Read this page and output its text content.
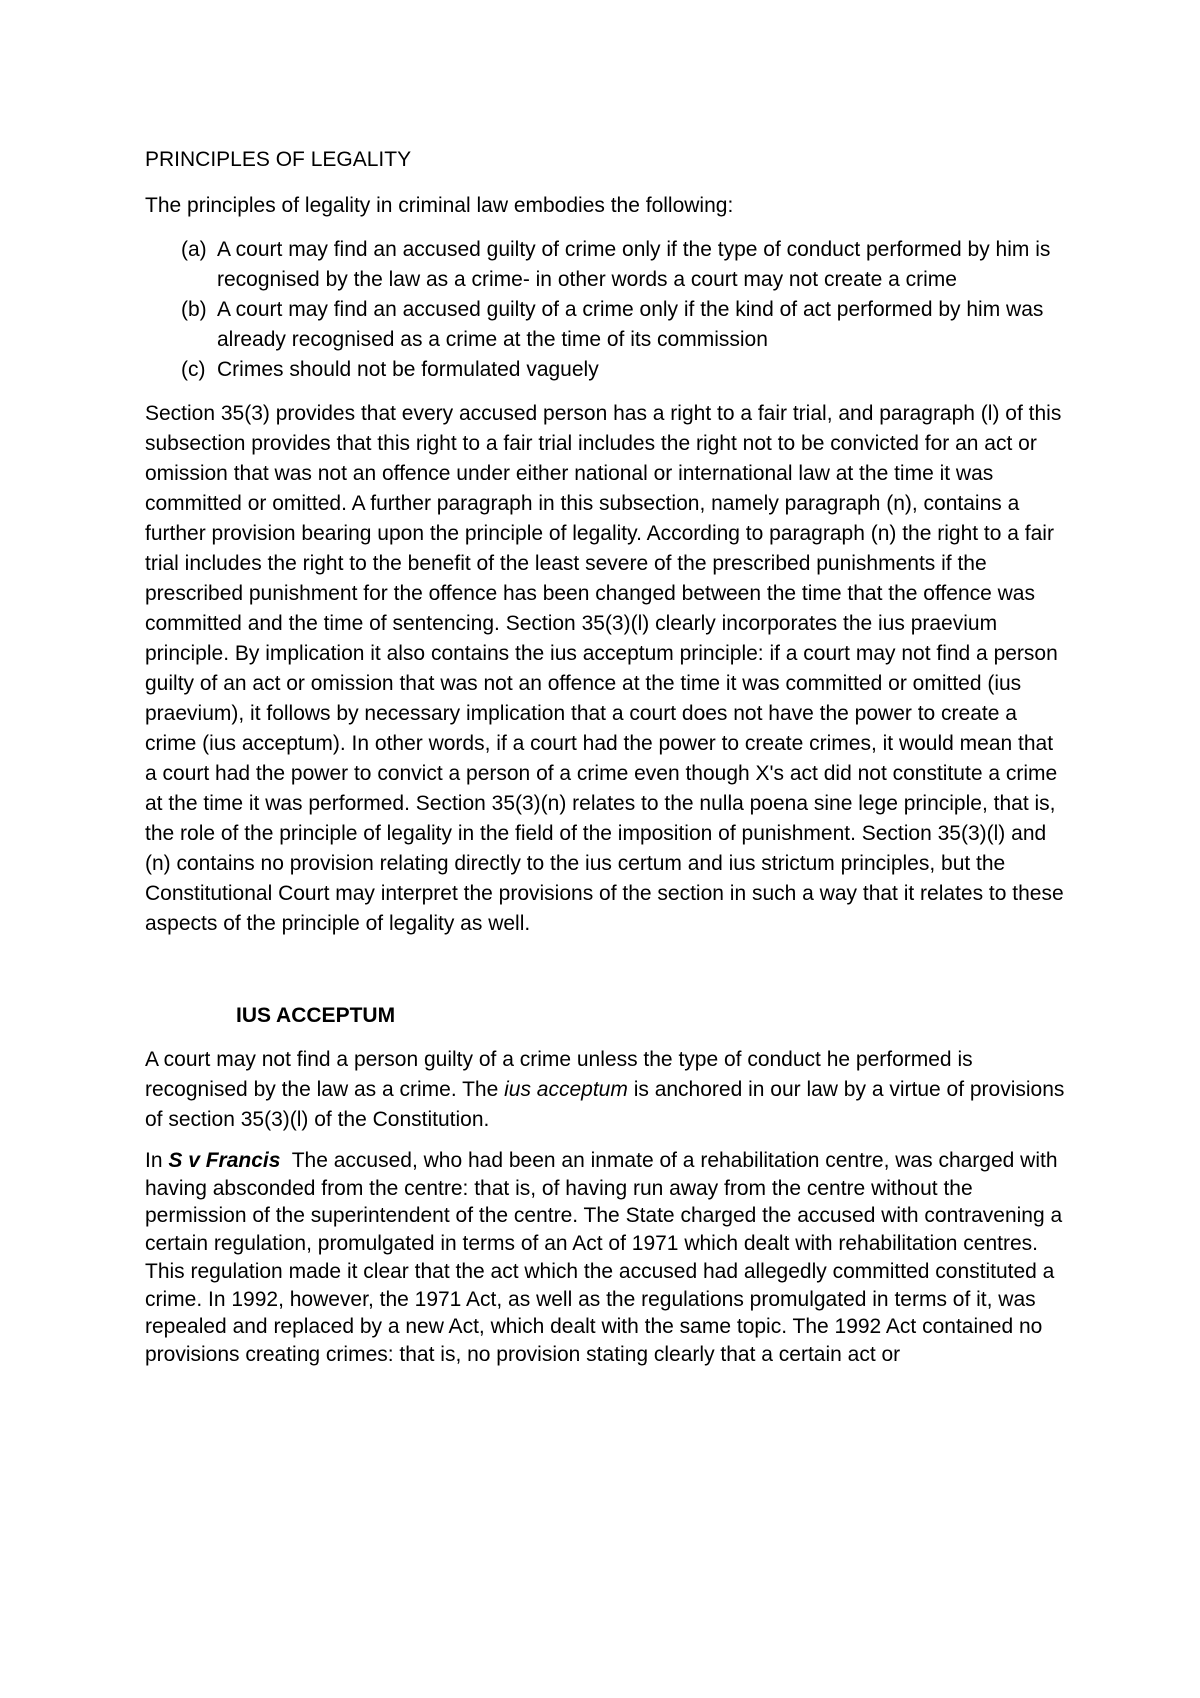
PRINCIPLES OF LEGALITY

The principles of legality in criminal law embodies the following:

(a) A court may find an accused guilty of crime only if the type of conduct performed by him is recognised by the law as a crime- in other words a court may not create a crime
(b) A court may find an accused guilty of a crime only if the kind of act performed by him was already recognised as a crime at the time of its commission
(c) Crimes should not be formulated vaguely

Section 35(3) provides that every accused person has a right to a fair trial, and paragraph (l) of this subsection provides that this right to a fair trial includes the right not to be convicted for an act or omission that was not an offence under either national or international law at the time it was committed or omitted. A further paragraph in this subsection, namely paragraph (n), contains a further provision bearing upon the principle of legality. According to paragraph (n) the right to a fair trial includes the right to the benefit of the least severe of the prescribed punishments if the prescribed punishment for the offence has been changed between the time that the offence was committed and the time of sentencing. Section 35(3)(l) clearly incorporates the ius praevium principle. By implication it also contains the ius acceptum principle: if a court may not find a person guilty of an act or omission that was not an offence at the time it was committed or omitted (ius praevium), it follows by necessary implication that a court does not have the power to create a crime (ius acceptum). In other words, if a court had the power to create crimes, it would mean that a court had the power to convict a person of a crime even though X's act did not constitute a crime at the time it was performed. Section 35(3)(n) relates to the nulla poena sine lege principle, that is, the role of the principle of legality in the field of the imposition of punishment. Section 35(3)(l) and (n) contains no provision relating directly to the ius certum and ius strictum principles, but the Constitutional Court may interpret the provisions of the section in such a way that it relates to these aspects of the principle of legality as well.

IUS ACCEPTUM

A court may not find a person guilty of a crime unless the type of conduct he performed is recognised by the law as a crime. The ius acceptum is anchored in our law by a virtue of provisions of section 35(3)(l) of the Constitution.

In S v Francis  The accused, who had been an inmate of a rehabilitation centre, was charged with having absconded from the centre: that is, of having run away from the centre without the permission of the superintendent of the centre. The State charged the accused with contravening a certain regulation, promulgated in terms of an Act of 1971 which dealt with rehabilitation centres. This regulation made it clear that the act which the accused had allegedly committed constituted a crime. In 1992, however, the 1971 Act, as well as the regulations promulgated in terms of it, was repealed and replaced by a new Act, which dealt with the same topic. The 1992 Act contained no provisions creating crimes: that is, no provision stating clearly that a certain act or
